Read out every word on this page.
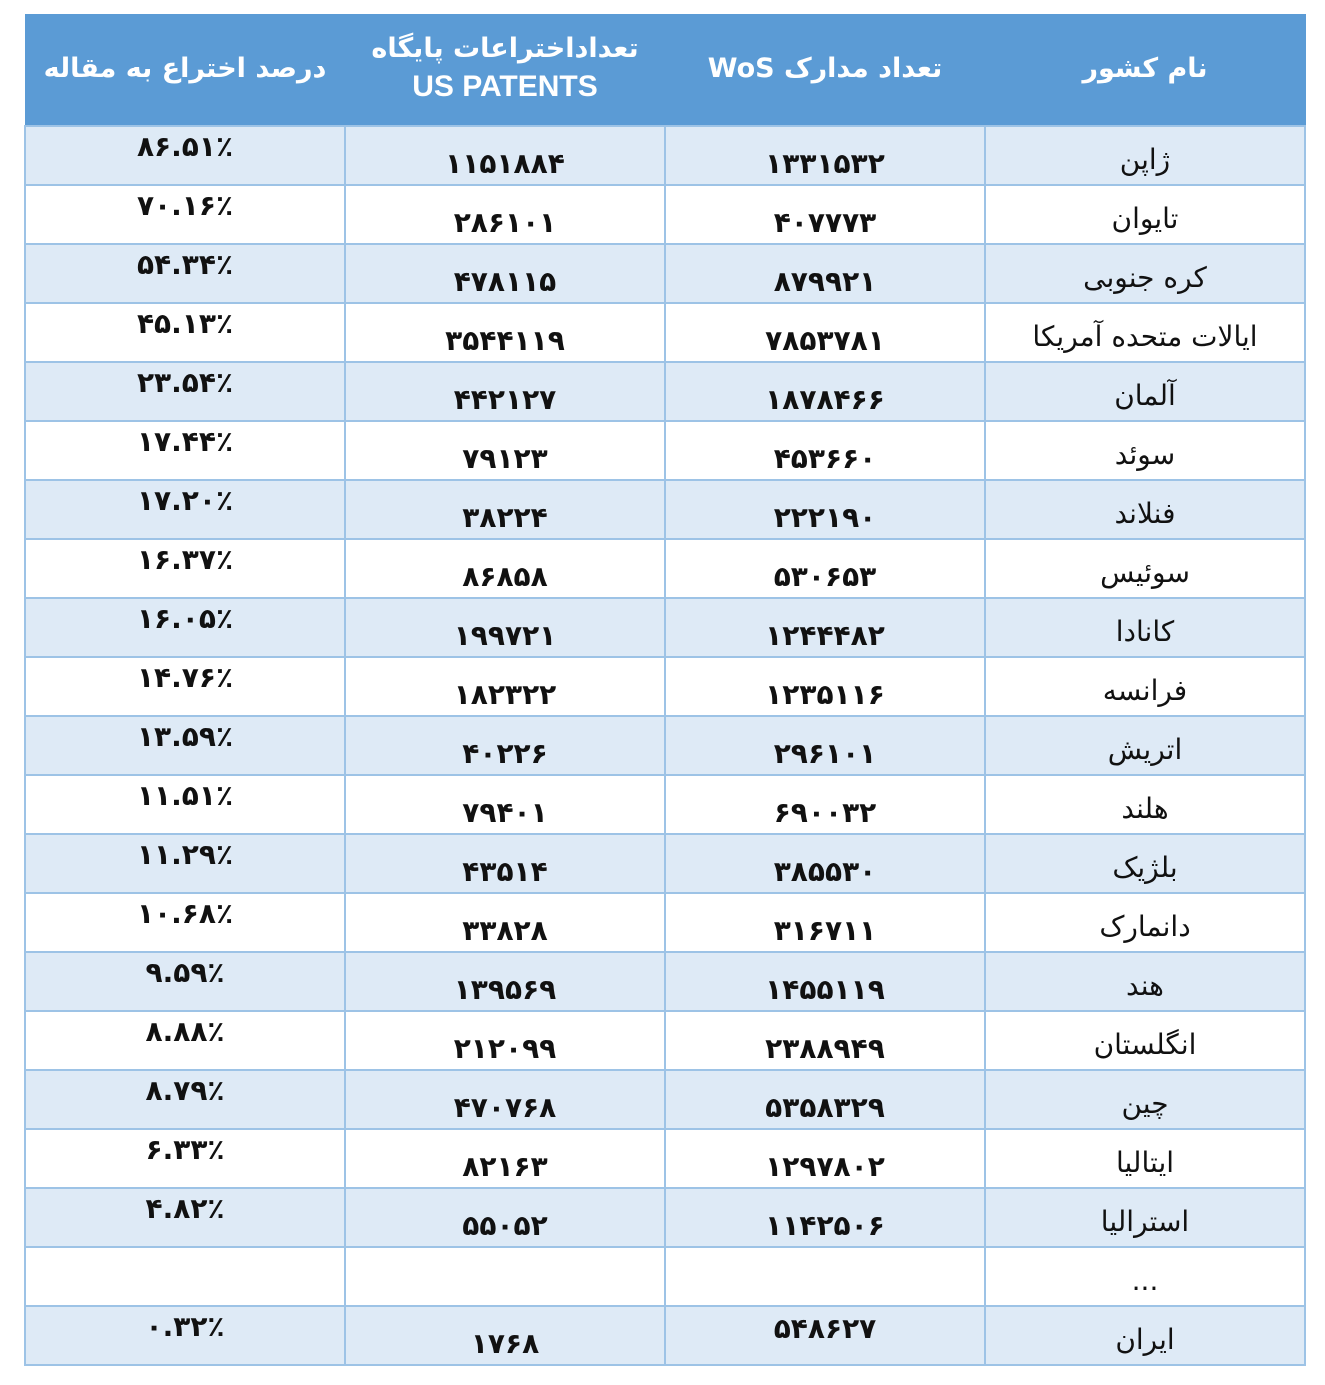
نام کشور	تعداد مدارک WoS	تعداداختراعات پایگاه
US PATENTS	درصد اختراع به مقاله
ژاپن	۱۳۳۱۵۳۲	۱۱۵۱۸۸۴	۸۶.۵۱٪
تایوان	۴۰۷۷۷۳	۲۸۶۱۰۱	۷۰.۱۶٪
کره جنوبی	۸۷۹۹۲۱	۴۷۸۱۱۵	۵۴.۳۴٪
ایالات متحده آمریکا	۷۸۵۳۷۸۱	۳۵۴۴۱۱۹	۴۵.۱۳٪
آلمان	۱۸۷۸۴۶۶	۴۴۲۱۲۷	۲۳.۵۴٪
سوئد	۴۵۳۶۶۰	۷۹۱۲۳	۱۷.۴۴٪
فنلاند	۲۲۲۱۹۰	۳۸۲۲۴	۱۷.۲۰٪
سوئیس	۵۳۰۶۵۳	۸۶۸۵۸	۱۶.۳۷٪
کانادا	۱۲۴۴۴۸۲	۱۹۹۷۲۱	۱۶.۰۵٪
فرانسه	۱۲۳۵۱۱۶	۱۸۲۳۲۲	۱۴.۷۶٪
اتریش	۲۹۶۱۰۱	۴۰۲۲۶	۱۳.۵۹٪
هلند	۶۹۰۰۳۲	۷۹۴۰۱	۱۱.۵۱٪
بلژیک	۳۸۵۵۳۰	۴۳۵۱۴	۱۱.۲۹٪
دانمارک	۳۱۶۷۱۱	۳۳۸۲۸	۱۰.۶۸٪
هند	۱۴۵۵۱۱۹	۱۳۹۵۶۹	۹.۵۹٪
انگلستان	۲۳۸۸۹۴۹	۲۱۲۰۹۹	۸.۸۸٪
چین	۵۳۵۸۳۲۹	۴۷۰۷۶۸	۸.۷۹٪
ایتالیا	۱۲۹۷۸۰۲	۸۲۱۶۳	۶.۳۳٪
استرالیا	۱۱۴۲۵۰۶	۵۵۰۵۲	۴.۸۲٪
...			
ایران	۵۴۸۶۲۷	۱۷۶۸	۰.۳۲٪
